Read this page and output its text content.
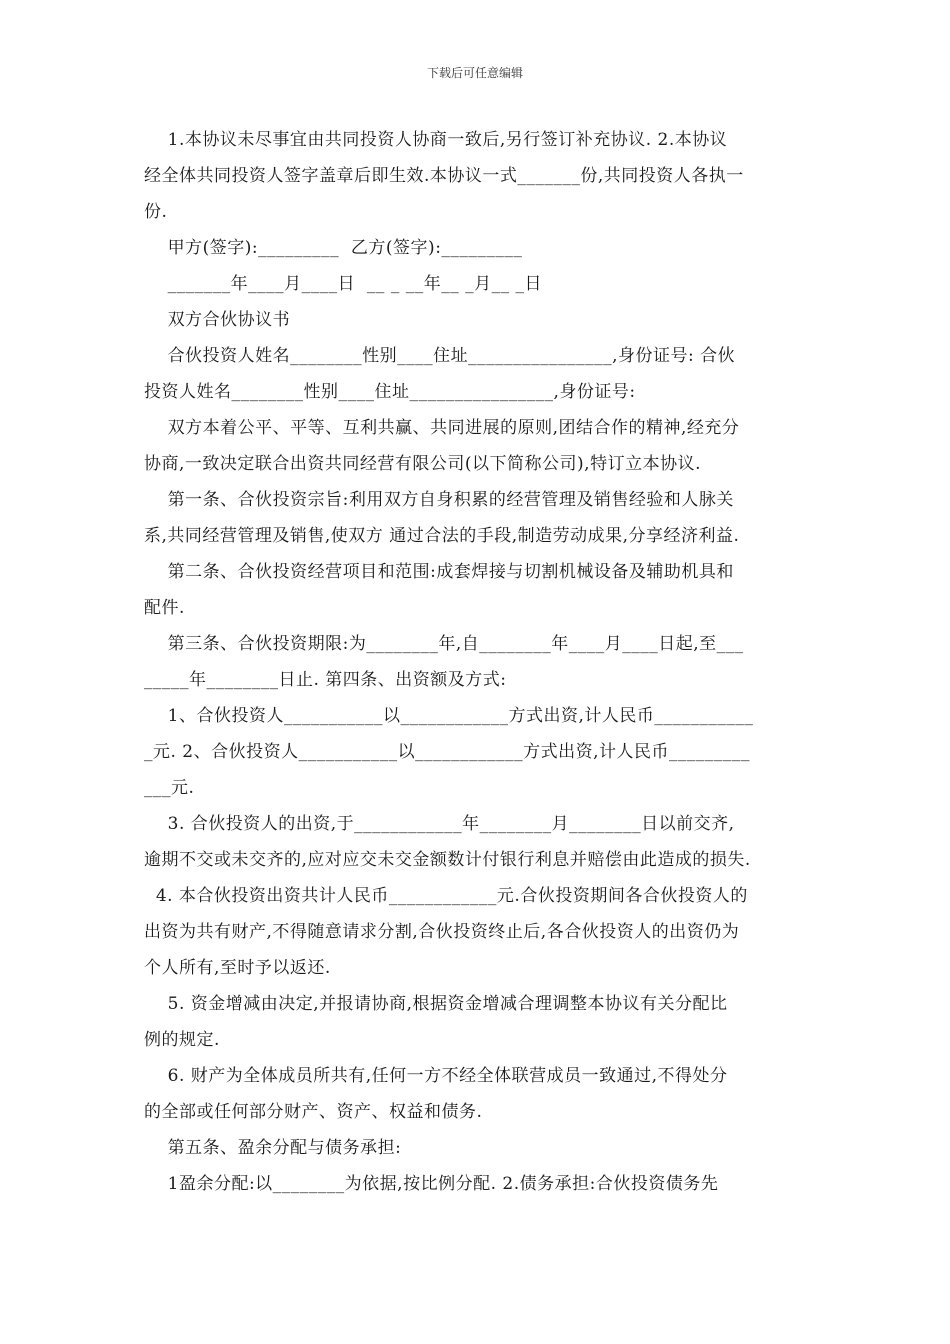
下载后可任意编辑

1.本协议未尽事宜由共同投资人协商一致后,另行签订补充协议. 2.本协议

经全体共同投资人签字盖章后即生效.本协议一式_______份,共同投资人各执一

份.

甲方(签字):_________  乙方(签字):_________

_______年____月____日  __ _ __年__ _月__ _日

双方合伙协议书

合伙投资人姓名________性别____住址________________,身份证号: 合伙

投资人姓名________性别____住址________________,身份证号:

双方本着公平、平等、互利共赢、共同进展的原则,团结合作的精神,经充分

协商,一致决定联合出资共同经营有限公司(以下简称公司),特订立本协议.

第一条、合伙投资宗旨:利用双方自身积累的经营管理及销售经验和人脉关

系,共同经营管理及销售,使双方 通过合法的手段,制造劳动成果,分享经济利益.

第二条、合伙投资经营项目和范围:成套焊接与切割机械设备及辅助机具和

配件.

第三条、合伙投资期限:为________年,自________年____月____日起,至___

_____年________日止. 第四条、出资额及方式:

1、合伙投资人___________以____________方式出资,计人民币___________

_元. 2、合伙投资人___________以____________方式出资,计人民币_________

___元.

3. 合伙投资人的出资,于____________年________月________日以前交齐,

逾期不交或未交齐的,应对应交未交金额数计付银行利息并赔偿由此造成的损失.

4. 本合伙投资出资共计人民币____________元.合伙投资期间各合伙投资人的

出资为共有财产,不得随意请求分割,合伙投资终止后,各合伙投资人的出资仍为

个人所有,至时予以返还.

5. 资金增减由决定,并报请协商,根据资金增减合理调整本协议有关分配比

例的规定.

6. 财产为全体成员所共有,任何一方不经全体联营成员一致通过,不得处分

的全部或任何部分财产、资产、权益和债务.

第五条、盈余分配与债务承担:

1盈余分配:以________为依据,按比例分配. 2.债务承担:合伙投资债务先
